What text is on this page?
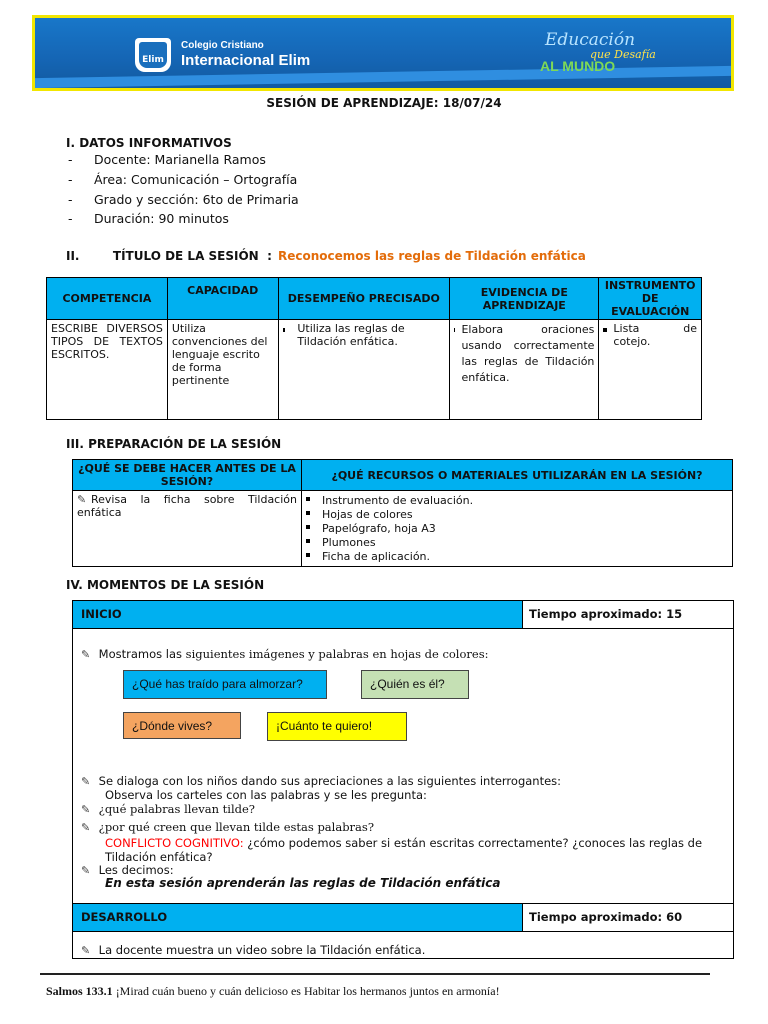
Elim
Colegio Cristiano
Internacional Elim
Educación
que Desafía
AL MUNDO
SESIÓN DE APRENDIZAJE: 18/07/24
I. DATOS INFORMATIVOS
- Docente: Marianella Ramos
- Área: Comunicación – Ortografía
- Grado y sección: 6to de Primaria
- Duración: 90 minutos
II.        TÍTULO DE LA SESIÓN  : Reconocemos las reglas de Tildación enfática
COMPETENCIA	CAPACIDAD	DESEMPEÑO PRECISADO	EVIDENCIA DE APRENDIZAJE	INSTRUMENTO DE EVALUACIÓN
ESCRIBE DIVERSOS TIPOS DE TEXTOS ESCRITOS.	Utiliza convenciones del lenguaje escrito de forma pertinente	Utiliza las reglas de Tildación enfática.	Elabora oraciones usando correctamente las reglas de Tildación enfática.	Lista de cotejo.
III. PREPARACIÓN DE LA SESIÓN
¿QUÉ SE DEBE HACER ANTES DE LA SESIÓN?	¿QUÉ RECURSOS O MATERIALES UTILIZARÁN EN LA SESIÓN?
✎ Revisa la ficha sobre Tildación enfática	Instrumento de evaluación.
Hojas de colores
Papelógrafo, hoja A3
Plumones
Ficha de aplicación.
IV. MOMENTOS DE LA SESIÓN
INICIO	Tiempo aproximado: 15
✎ Mostramos las siguientes imágenes y palabras en hojas de colores:
¿Qué has traído para almorzar?	¿Quién es él?
¿Dónde vives?	¡Cuánto te quiero!
✎ Se dialoga con los niños dando sus apreciaciones a las siguientes interrogantes:
Observa los carteles con las palabras y se les pregunta:
✎ ¿qué palabras llevan tilde?
✎ ¿por qué creen que llevan tilde estas palabras?
CONFLICTO COGNITIVO: ¿cómo podemos saber si están escritas correctamente? ¿conoces las reglas de
Tildación enfática?
✎ Les decimos:
En esta sesión aprenderán las reglas de Tildación enfática
DESARROLLO	Tiempo aproximado: 60
✎ La docente muestra un video sobre la Tildación enfática.
Salmos 133.1 ¡Mirad cuán bueno y cuán delicioso es Habitar los hermanos juntos en armonía!
